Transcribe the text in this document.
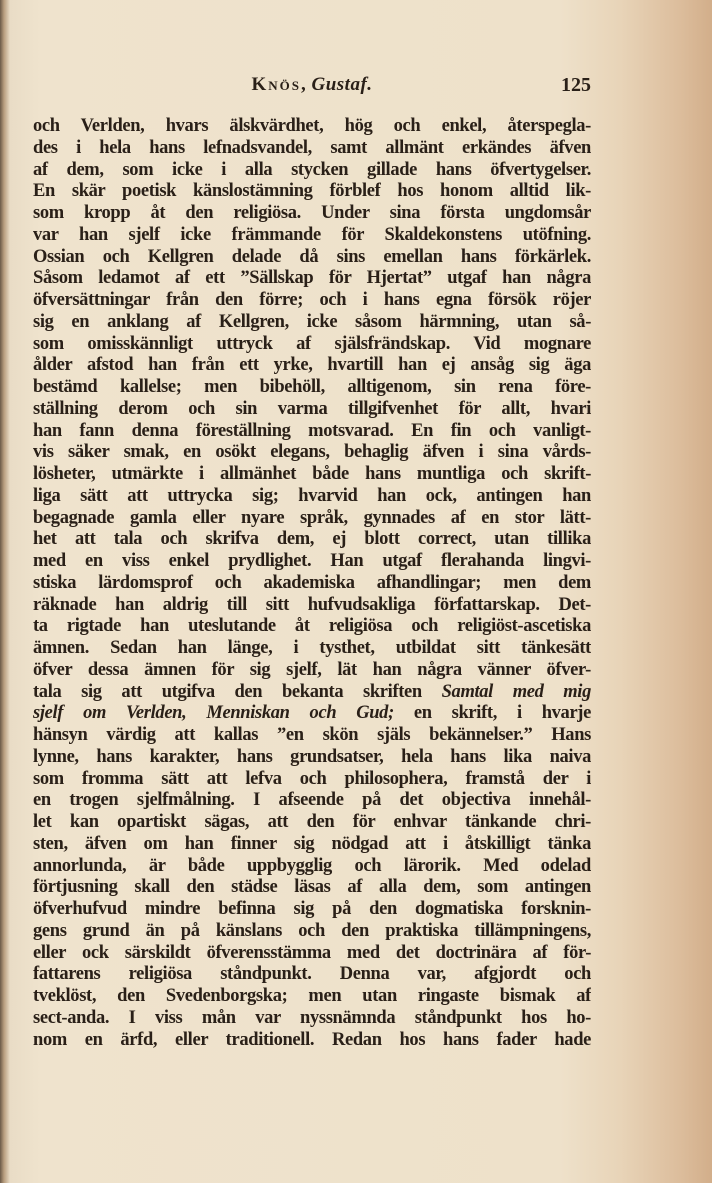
Knös, Gustaf.	125
och Verlden, hvars älskvärdhet, hög och enkel, återspegla-
des i hela hans lefnadsvandel, samt allmänt erkändes äfven
af dem, som icke i alla stycken gillade hans öfvertygelser.
En skär poetisk känslostämning förblef hos honom alltid lik-
som kropp åt den religiösa. Under sina första ungdomsår
var han sjelf icke främmande för Skaldekonstens utöfning.
Ossian och Kellgren delade då sins emellan hans förkärlek.
Såsom ledamot af ett ”Sällskap för Hjertat” utgaf han några
öfversättningar från den förre; och i hans egna försök röjer
sig en anklang af Kellgren, icke såsom härmning, utan så-
som omisskännligt uttryck af själsfrändskap. Vid mognare
ålder afstod han från ett yrke, hvartill han ej ansåg sig äga
bestämd kallelse; men bibehöll, alltigenom, sin rena före-
ställning derom och sin varma tillgifvenhet för allt, hvari
han fann denna föreställning motsvarad. En fin och vanligt-
vis säker smak, en osökt elegans, behaglig äfven i sina vårds-
lösheter, utmärkte i allmänhet både hans muntliga och skrift-
liga sätt att uttrycka sig; hvarvid han ock, antingen han
begagnade gamla eller nyare språk, gynnades af en stor lätt-
het att tala och skrifva dem, ej blott correct, utan tillika
med en viss enkel prydlighet. Han utgaf flerahanda lingvi-
stiska lärdomsprof och akademiska afhandlingar; men dem
räknade han aldrig till sitt hufvudsakliga författarskap. Det-
ta rigtade han uteslutande åt religiösa och religiöst-ascetiska
ämnen. Sedan han länge, i tysthet, utbildat sitt tänkesätt
öfver dessa ämnen för sig sjelf, lät han några vänner öfver-
tala sig att utgifva den bekanta skriften Samtal med mig
sjelf om Verlden, Menniskan och Gud; en skrift, i hvarje
hänsyn värdig att kallas ”en skön själs bekännelser.” Hans
lynne, hans karakter, hans grundsatser, hela hans lika naiva
som fromma sätt att lefva och philosophera, framstå der i
en trogen sjelfmålning. I afseende på det objectiva innehål-
let kan opartiskt sägas, att den för enhvar tänkande chri-
sten, äfven om han finner sig nödgad att i åtskilligt tänka
annorlunda, är både uppbygglig och lärorik. Med odelad
förtjusning skall den städse läsas af alla dem, som antingen
öfverhufvud mindre befinna sig på den dogmatiska forsknin-
gens grund än på känslans och den praktiska tillämpningens,
eller ock särskildt öfverensstämma med det doctrinära af för-
fattarens religiösa ståndpunkt. Denna var, afgjordt och
tveklöst, den Svedenborgska; men utan ringaste bismak af
sect-anda. I viss mån var nyssnämnda ståndpunkt hos ho-
nom en ärfd, eller traditionell. Redan hos hans fader hade
